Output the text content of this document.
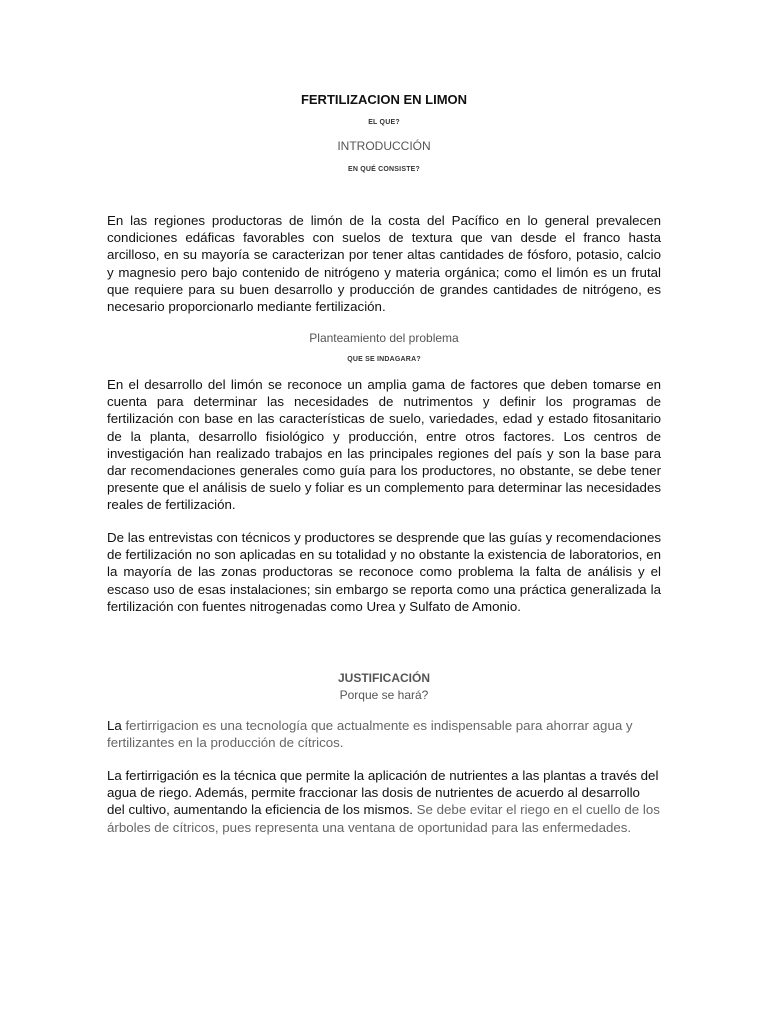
FERTILIZACION EN LIMON
EL QUE?
INTRODUCCIÓN
EN QUÉ CONSISTE?

En las regiones productoras de limón de la costa del Pacífico en lo general prevalecen condiciones edáficas favorables con suelos de textura que van desde el franco hasta arcilloso, en su mayoría se caracterizan por tener altas cantidades de fósforo, potasio, calcio y magnesio pero bajo contenido de nitrógeno y materia orgánica; como el limón es un frutal que requiere para su buen desarrollo y producción de grandes cantidades de nitrógeno, es necesario proporcionarlo mediante fertilización.

Planteamiento del problema
QUE SE INDAGARA?

En el desarrollo del limón se reconoce un amplia gama de factores que deben tomarse en cuenta para determinar las necesidades de nutrimentos y definir los programas de fertilización con base en las características de suelo, variedades, edad y estado fitosanitario de la planta, desarrollo fisiológico y producción, entre otros factores. Los centros de investigación han realizado trabajos en las principales regiones del país y son la base para dar recomendaciones generales como guía para los productores, no obstante, se debe tener presente que el análisis de suelo y foliar es un complemento para determinar las necesidades reales de fertilización.

De las entrevistas con técnicos y productores se desprende que las guías y recomendaciones de fertilización no son aplicadas en su totalidad y no obstante la existencia de laboratorios, en la mayoría de las zonas productoras se reconoce como problema la falta de análisis y el escaso uso de esas instalaciones; sin embargo se reporta como una práctica generalizada la fertilización con fuentes nitrogenadas como Urea y Sulfato de Amonio.

JUSTIFICACIÓN
Porque se hará?

La fertirrigacion es una tecnología que actualmente es indispensable para ahorrar agua y fertilizantes en la producción de cítricos.

La fertirrigación es la técnica que permite la aplicación de nutrientes a las plantas a través del agua de riego. Además, permite fraccionar las dosis de nutrientes de acuerdo al desarrollo del cultivo, aumentando la eficiencia de los mismos. Se debe evitar el riego en el cuello de los árboles de cítricos, pues representa una ventana de oportunidad para las enfermedades.
